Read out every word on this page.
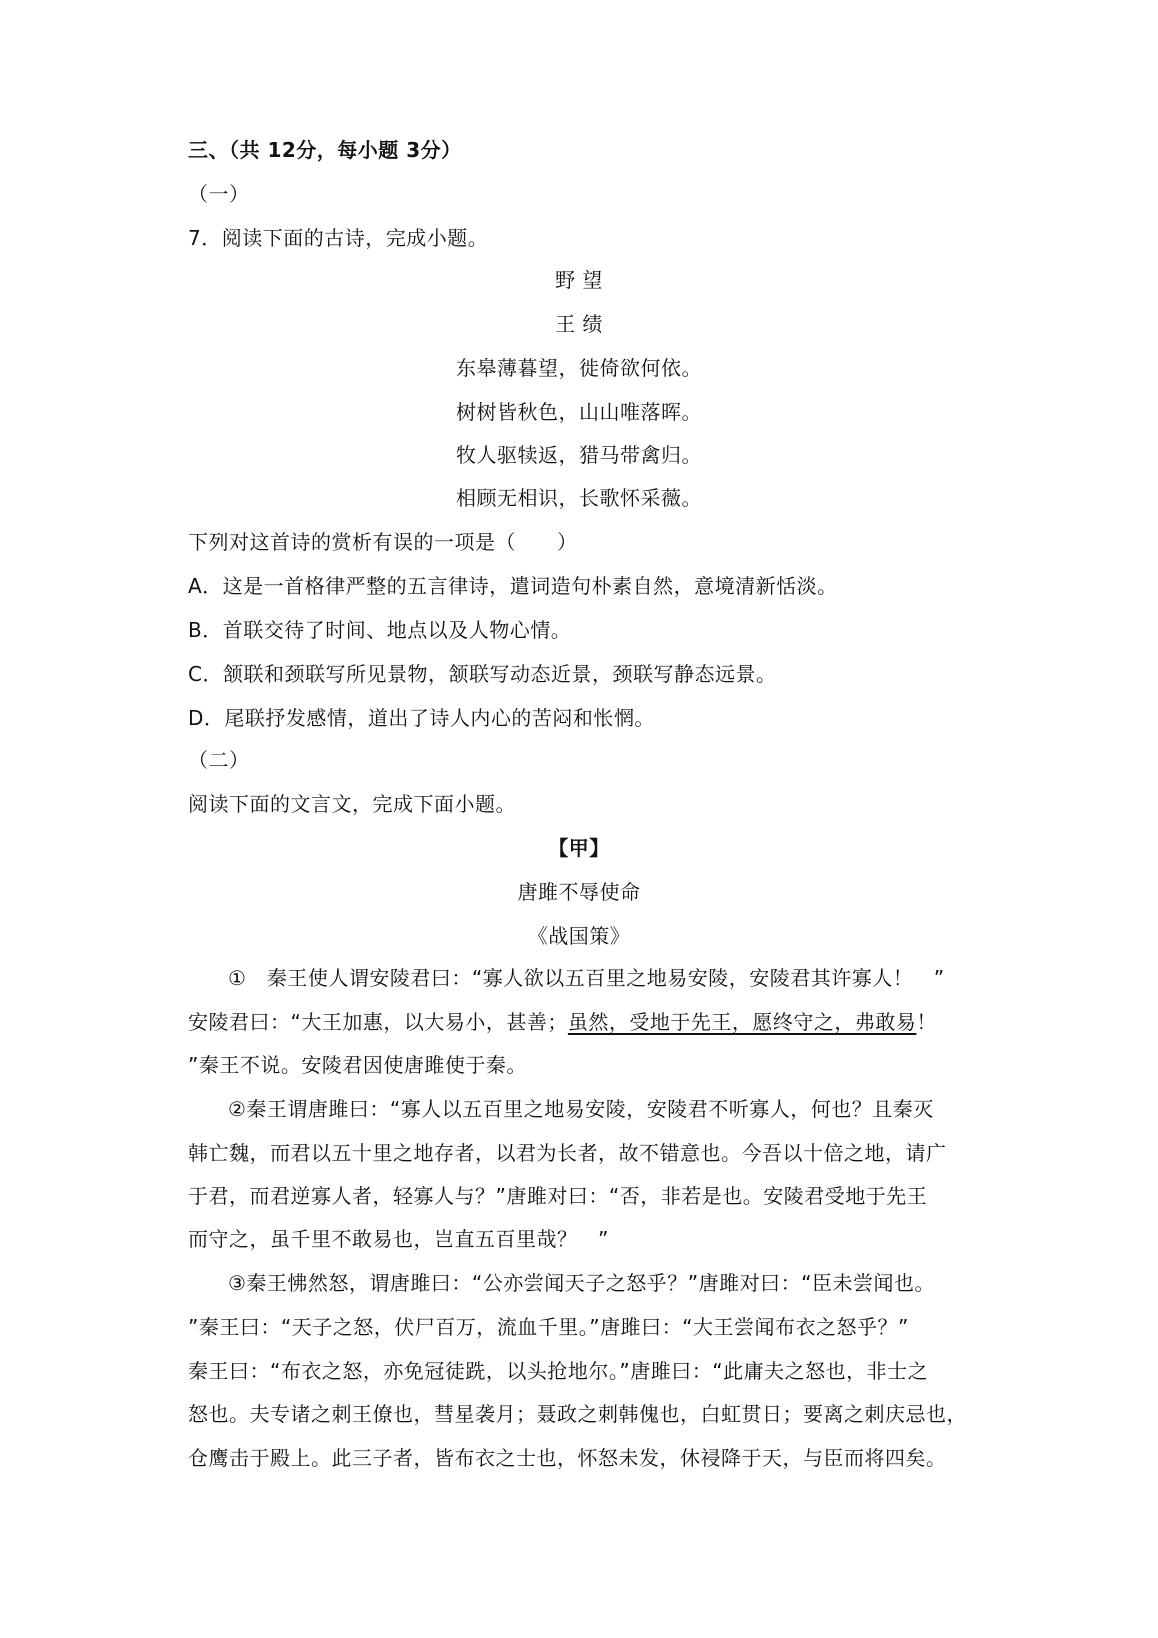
三、（共 12分，每小题 3分）
（一）
7．阅读下面的古诗，完成小题。
野 望
王 绩
东皋薄暮望，徙倚欲何依。
树树皆秋色，山山唯落晖。
牧人驱犊返，猎马带禽归。
相顾无相识，长歌怀采薇。
下列对这首诗的赏析有误的一项是（　　）
A．这是一首格律严整的五言律诗，遣词造句朴素自然，意境清新恬淡。
B．首联交待了时间、地点以及人物心情。
C．颔联和颈联写所见景物，颔联写动态近景，颈联写静态远景。
D．尾联抒发感情，道出了诗人内心的苦闷和怅惘。
（二）
阅读下面的文言文，完成下面小题。
【甲】
唐雎不辱使命
《战国策》
①　秦王使人谓安陵君曰：“寡人欲以五百里之地易安陵，安陵君其许寡人！　”
安陵君曰：“大王加惠，以大易小，甚善；虽然，受地于先王，愿终守之，弗敢易！
”秦王不说。安陵君因使唐雎使于秦。
②秦王谓唐雎曰：“寡人以五百里之地易安陵，安陵君不听寡人，何也？且秦灭
韩亡魏，而君以五十里之地存者，以君为长者，故不错意也。今吾以十倍之地，请广
于君，而君逆寡人者，轻寡人与？”唐雎对曰：“否，非若是也。安陵君受地于先王
而守之，虽千里不敢易也，岂直五百里哉？　”
③秦王怫然怒，谓唐雎曰：“公亦尝闻天子之怒乎？”唐雎对曰：“臣未尝闻也。
”秦王曰：“天子之怒，伏尸百万，流血千里。”唐雎曰：“大王尝闻布衣之怒乎？”
秦王曰：“布衣之怒，亦免冠徒跣，以头抢地尔。”唐雎曰：“此庸夫之怒也，非士之
怒也。夫专诸之刺王僚也，彗星袭月；聂政之刺韩傀也，白虹贯日；要离之刺庆忌也，
仓鹰击于殿上。此三子者，皆布衣之士也，怀怒未发，休祲降于天，与臣而将四矣。
